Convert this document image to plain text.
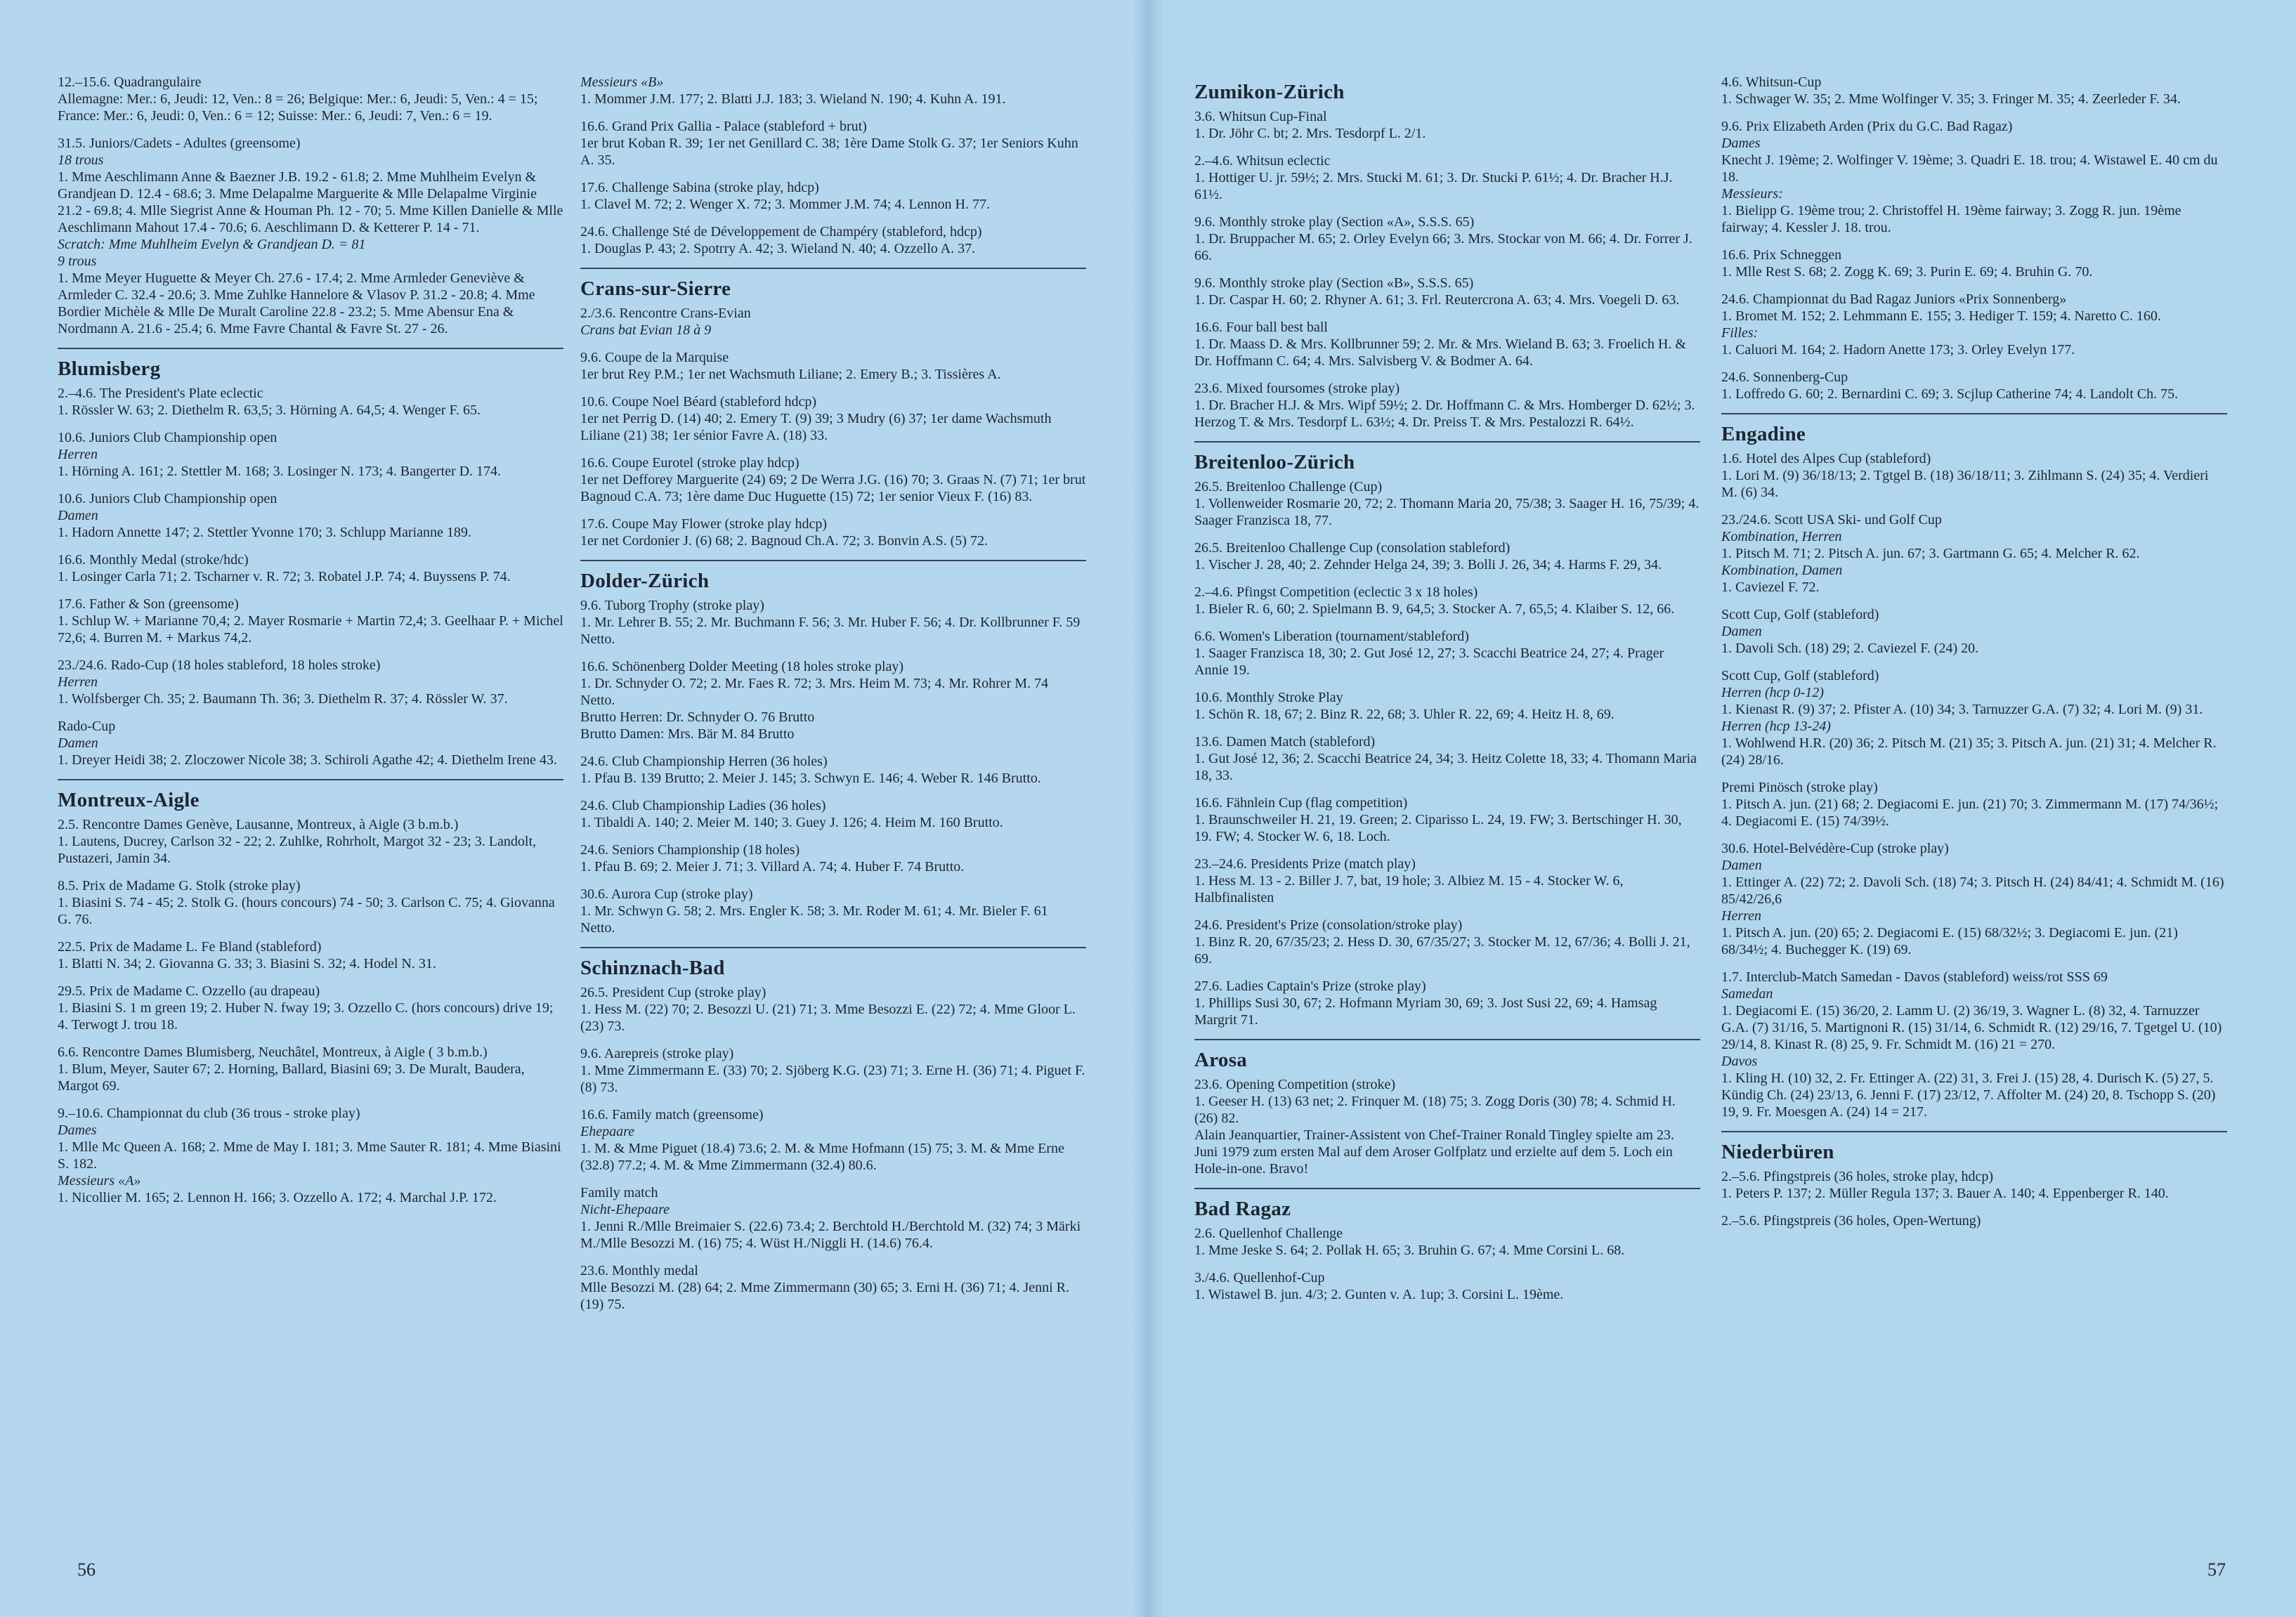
12.–15.6. Quadrangulaire
Allemagne: Mer.: 6, Jeudi: 12, Ven.: 8 = 26; Belgique: Mer.: 6, Jeudi: 5, Ven.: 4 = 15; France: Mer.: 6, Jeudi: 0, Ven.: 6 = 12; Suisse: Mer.: 6, Jeudi: 7, Ven.: 6 = 19.
31.5. Juniors/Cadets - Adultes (greensome)
18 trous
1. Mme Aeschlimann Anne & Baezner J.B. 19.2 - 61.8; 2. Mme Muhlheim Evelyn & Grandjean D. 12.4 - 68.6; 3. Mme Delapalme Marguerite & Mlle Delapalme Virginie 21.2 - 69.8; 4. Mlle Siegrist Anne & Houman Ph. 12 - 70; 5. Mme Killen Danielle & Mlle Aeschlimann Mahout 17.4 - 70.6; 6. Aeschlimann D. & Ketterer P. 14 - 71.
Scratch: Mme Muhlheim Evelyn & Grandjean D. = 81
9 trous
1. Mme Meyer Huguette & Meyer Ch. 27.6 - 17.4; 2. Mme Armleder Geneviève & Armleder C. 32.4 - 20.6; 3. Mme Zuhlke Hannelore & Vlasov P. 31.2 - 20.8; 4. Mme Bordier Michèle & Mlle De Muralt Caroline 22.8 - 23.2; 5. Mme Abensur Ena & Nordmann A. 21.6 - 25.4; 6. Mme Favre Chantal & Favre St. 27 - 26.
Blumisberg
2.–4.6. The President's Plate eclectic
1. Rössler W. 63; 2. Diethelm R. 63,5; 3. Hörning A. 64,5; 4. Wenger F. 65.
10.6. Juniors Club Championship open
Herren
1. Hörning A. 161; 2. Stettler M. 168; 3. Losinger N. 173; 4. Bangerter D. 174.
10.6. Juniors Club Championship open
Damen
1. Hadorn Annette 147; 2. Stettler Yvonne 170; 3. Schlupp Marianne 189.
16.6. Monthly Medal (stroke/hdc)
1. Losinger Carla 71; 2. Tscharner v. R. 72; 3. Robatel J.P. 74; 4. Buyssens P. 74.
17.6. Father & Son (greensome)
1. Schlup W. + Marianne 70,4; 2. Mayer Rosmarie + Martin 72,4; 3. Geelhaar P. + Michel 72,6; 4. Burren M. + Markus 74,2.
23./24.6. Rado-Cup (18 holes stableford, 18 holes stroke)
Herren
1. Wolfsberger Ch. 35; 2. Baumann Th. 36; 3. Diethelm R. 37; 4. Rössler W. 37.
Rado-Cup
Damen
1. Dreyer Heidi 38; 2. Zloczower Nicole 38; 3. Schiroli Agathe 42; 4. Diethelm Irene 43.
Montreux-Aigle
2.5. Rencontre Dames Genève, Lausanne, Montreux, à Aigle (3 b.m.b.)
1. Lautens, Ducrey, Carlson 32 - 22; 2. Zuhlke, Rohrholt, Margot 32 - 23; 3. Landolt, Pustazeri, Jamin 34.
8.5. Prix de Madame G. Stolk (stroke play)
1. Biasini S. 74 - 45; 2. Stolk G. (hours concours) 74 - 50; 3. Carlson C. 75; 4. Giovanna G. 76.
22.5. Prix de Madame L. Fe Bland (stableford)
1. Blatti N. 34; 2. Giovanna G. 33; 3. Biasini S. 32; 4. Hodel N. 31.
29.5. Prix de Madame C. Ozzello (au drapeau)
1. Biasini S. 1 m green 19; 2. Huber N. fway 19; 3. Ozzello C. (hors concours) drive 19; 4. Terwogt J. trou 18.
6.6. Rencontre Dames Blumisberg, Neuchâtel, Montreux, à Aigle ( 3 b.m.b.)
1. Blum, Meyer, Sauter 67; 2. Horning, Ballard, Biasini 69; 3. De Muralt, Baudera, Margot 69.
9.–10.6. Championnat du club (36 trous - stroke play)
Dames
1. Mlle Mc Queen A. 168; 2. Mme de May I. 181; 3. Mme Sauter R. 181; 4. Mme Biasini S. 182.
Messieurs «A»
1. Nicollier M. 165; 2. Lennon H. 166; 3. Ozzello A. 172; 4. Marchal J.P. 172.
Messieurs «B»
1. Mommer J.M. 177; 2. Blatti J.J. 183; 3. Wieland N. 190; 4. Kuhn A. 191.
16.6. Grand Prix Gallia - Palace (stableford + brut)
1er brut Koban R. 39; 1er net Genillard C. 38; 1ère Dame Stolk G. 37; 1er Seniors Kuhn A. 35.
17.6. Challenge Sabina (stroke play, hdcp)
1. Clavel M. 72; 2. Wenger X. 72; 3. Mommer J.M. 74; 4. Lennon H. 77.
24.6. Challenge Sté de Développement de Champéry (stableford, hdcp)
1. Douglas P. 43; 2. Spotrry A. 42; 3. Wieland N. 40; 4. Ozzello A. 37.
Crans-sur-Sierre
2./3.6. Rencontre Crans-Evian
Crans bat Evian 18 à 9
9.6. Coupe de la Marquise
1er brut Rey P.M.; 1er net Wachsmuth Liliane; 2. Emery B.; 3. Tissières A.
10.6. Coupe Noel Béard (stableford hdcp)
1er net Perrig D. (14) 40; 2. Emery T. (9) 39; 3 Mudry (6) 37; 1er dame Wachsmuth Liliane (21) 38; 1er sénior Favre A. (18) 33.
16.6. Coupe Eurotel (stroke play hdcp)
1er net Defforey Marguerite (24) 69; 2 De Werra J.G. (16) 70; 3. Graas N. (7) 71; 1er brut Bagnoud C.A. 73; 1ère dame Duc Huguette (15) 72; 1er senior Vieux F. (16) 83.
17.6. Coupe May Flower (stroke play hdcp)
1er net Cordonier J. (6) 68; 2. Bagnoud Ch.A. 72; 3. Bonvin A.S. (5) 72.
Dolder-Zürich
9.6. Tuborg Trophy (stroke play)
1. Mr. Lehrer B. 55; 2. Mr. Buchmann F. 56; 3. Mr. Huber F. 56; 4. Dr. Kollbrunner F. 59 Netto.
16.6. Schönenberg Dolder Meeting (18 holes stroke play)
1. Dr. Schnyder O. 72; 2. Mr. Faes R. 72; 3. Mrs. Heim M. 73; 4. Mr. Rohrer M. 74 Netto.
Brutto Herren: Dr. Schnyder O. 76 Brutto
Brutto Damen: Mrs. Bär M. 84 Brutto
24.6. Club Championship Herren (36 holes)
1. Pfau B. 139 Brutto; 2. Meier J. 145; 3. Schwyn E. 146; 4. Weber R. 146 Brutto.
24.6. Club Championship Ladies (36 holes)
1. Tibaldi A. 140; 2. Meier M. 140; 3. Guey J. 126; 4. Heim M. 160 Brutto.
24.6. Seniors Championship (18 holes)
1. Pfau B. 69; 2. Meier J. 71; 3. Villard A. 74; 4. Huber F. 74 Brutto.
30.6. Aurora Cup (stroke play)
1. Mr. Schwyn G. 58; 2. Mrs. Engler K. 58; 3. Mr. Roder M. 61; 4. Mr. Bieler F. 61 Netto.
Schinznach-Bad
26.5. President Cup (stroke play)
1. Hess M. (22) 70; 2. Besozzi U. (21) 71; 3. Mme Besozzi E. (22) 72; 4. Mme Gloor L. (23) 73.
9.6. Aarepreis (stroke play)
1. Mme Zimmermann E. (33) 70; 2. Sjöberg K.G. (23) 71; 3. Erne H. (36) 71; 4. Piguet F. (8) 73.
16.6. Family match (greensome)
Ehepaare
1. M. & Mme Piguet (18.4) 73.6; 2. M. & Mme Hofmann (15) 75; 3. M. & Mme Erne (32.8) 77.2; 4. M. & Mme Zimmermann (32.4) 80.6.
Family match
Nicht-Ehepaare
1. Jenni R./Mlle Breimaier S. (22.6) 73.4; 2. Berchtold H./Berchtold M. (32) 74; 3 Märki M./Mlle Besozzi M. (16) 75; 4. Wüst H./Niggli H. (14.6) 76.4.
23.6. Monthly medal
Mlle Besozzi M. (28) 64; 2. Mme Zimmermann (30) 65; 3. Erni H. (36) 71; 4. Jenni R. (19) 75.
Zumikon-Zürich
3.6. Whitsun Cup-Final
1. Dr. Jöhr C. bt; 2. Mrs. Tesdorpf L. 2/1.
2.–4.6. Whitsun eclectic
1. Hottiger U. jr. 59½; 2. Mrs. Stucki M. 61; 3. Dr. Stucki P. 61½; 4. Dr. Bracher H.J. 61½.
9.6. Monthly stroke play (Section «A», S.S.S. 65)
1. Dr. Bruppacher M. 65; 2. Orley Evelyn 66; 3. Mrs. Stockar von M. 66; 4. Dr. Forrer J. 66.
9.6. Monthly stroke play (Section «B», S.S.S. 65)
1. Dr. Caspar H. 60; 2. Rhyner A. 61; 3. Frl. Reutercrona A. 63; 4. Mrs. Voegeli D. 63.
16.6. Four ball best ball
1. Dr. Maass D. & Mrs. Kollbrunner 59; 2. Mr. & Mrs. Wieland B. 63; 3. Froelich H. & Dr. Hoffmann C. 64; 4. Mrs. Salvisberg V. & Bodmer A. 64.
23.6. Mixed foursomes (stroke play)
1. Dr. Bracher H.J. & Mrs. Wipf 59½; 2. Dr. Hoffmann C. & Mrs. Homberger D. 62½; 3. Herzog T. & Mrs. Tesdorpf L. 63½; 4. Dr. Preiss T. & Mrs. Pestalozzi R. 64½.
Breitenloo-Zürich
26.5. Breitenloo Challenge (Cup)
1. Vollenweider Rosmarie 20, 72; 2. Thomann Maria 20, 75/38; 3. Saager H. 16, 75/39; 4. Saager Franzisca 18, 77.
26.5. Breitenloo Challenge Cup (consolation stableford)
1. Vischer J. 28, 40; 2. Zehnder Helga 24, 39; 3. Bolli J. 26, 34; 4. Harms F. 29, 34.
2.–4.6. Pfingst Competition (eclectic 3 x 18 holes)
1. Bieler R. 6, 60; 2. Spielmann B. 9, 64,5; 3. Stocker A. 7, 65,5; 4. Klaiber S. 12, 66.
6.6. Women's Liberation (tournament/stableford)
1. Saager Franzisca 18, 30; 2. Gut José 12, 27; 3. Scacchi Beatrice 24, 27; 4. Prager Annie 19.
10.6. Monthly Stroke Play
1. Schön R. 18, 67; 2. Binz R. 22, 68; 3. Uhler R. 22, 69; 4. Heitz H. 8, 69.
13.6. Damen Match (stableford)
1. Gut José 12, 36; 2. Scacchi Beatrice 24, 34; 3. Heitz Colette 18, 33; 4. Thomann Maria 18, 33.
16.6. Fähnlein Cup (flag competition)
1. Braunschweiler H. 21, 19. Green; 2. Ciparisso L. 24, 19. FW; 3. Bertschinger H. 30, 19. FW; 4. Stocker W. 6, 18. Loch.
23.–24.6. Presidents Prize (match play)
1. Hess M. 13 - 2. Biller J. 7, bat, 19 hole; 3. Albiez M. 15 - 4. Stocker W. 6, Halbfinalisten
24.6. President's Prize (consolation/stroke play)
1. Binz R. 20, 67/35/23; 2. Hess D. 30, 67/35/27; 3. Stocker M. 12, 67/36; 4. Bolli J. 21, 69.
27.6. Ladies Captain's Prize (stroke play)
1. Phillips Susi 30, 67; 2. Hofmann Myriam 30, 69; 3. Jost Susi 22, 69; 4. Hamsag Margrit 71.
Arosa
23.6. Opening Competition (stroke)
1. Geeser H. (13) 63 net; 2. Frinquer M. (18) 75; 3. Zogg Doris (30) 78; 4. Schmid H. (26) 82.
Alain Jeanquartier, Trainer-Assistent von Chef-Trainer Ronald Tingley spielte am 23. Juni 1979 zum ersten Mal auf dem Aroser Golfplatz und erzielte auf dem 5. Loch ein Hole-in-one. Bravo!
Bad Ragaz
2.6. Quellenhof Challenge
1. Mme Jeske S. 64; 2. Pollak H. 65; 3. Bruhin G. 67; 4. Mme Corsini L. 68.
3./4.6. Quellenhof-Cup
1. Wistawel B. jun. 4/3; 2. Gunten v. A. 1up; 3. Corsini L. 19ème.
4.6. Whitsun-Cup
1. Schwager W. 35; 2. Mme Wolfinger V. 35; 3. Fringer M. 35; 4. Zeerleder F. 34.
9.6. Prix Elizabeth Arden (Prix du G.C. Bad Ragaz)
Dames
Knecht J. 19ème; 2. Wolfinger V. 19ème; 3. Quadri E. 18. trou; 4. Wistawel E. 40 cm du 18.
Messieurs:
1. Bielipp G. 19ème trou; 2. Christoffel H. 19ème fairway; 3. Zogg R. jun. 19ème fairway; 4. Kessler J. 18. trou.
16.6. Prix Schneggen
1. Mlle Rest S. 68; 2. Zogg K. 69; 3. Purin E. 69; 4. Bruhin G. 70.
24.6. Championnat du Bad Ragaz Juniors «Prix Sonnenberg»
1. Bromet M. 152; 2. Lehmmann E. 155; 3. Hediger T. 159; 4. Naretto C. 160.
Filles:
1. Caluori M. 164; 2. Hadorn Anette 173; 3. Orley Evelyn 177.
24.6. Sonnenberg-Cup
1. Loffredo G. 60; 2. Bernardini C. 69; 3. Scjlup Catherine 74; 4. Landolt Ch. 75.
Engadine
1.6. Hotel des Alpes Cup (stableford)
1. Lori M. (9) 36/18/13; 2. Tgtgel B. (18) 36/18/11; 3. Zihlmann S. (24) 35; 4. Verdieri M. (6) 34.
23./24.6. Scott USA Ski- und Golf Cup
Kombination, Herren
1. Pitsch M. 71; 2. Pitsch A. jun. 67; 3. Gartmann G. 65; 4. Melcher R. 62.
Kombination, Damen
1. Caviezel F. 72.
Scott Cup, Golf (stableford)
Damen
1. Davoli Sch. (18) 29; 2. Caviezel F. (24) 20.
Scott Cup, Golf (stableford)
Herren (hcp 0-12)
1. Kienast R. (9) 37; 2. Pfister A. (10) 34; 3. Tarnuzzer G.A. (7) 32; 4. Lori M. (9) 31.
Herren (hcp 13-24)
1. Wohlwend H.R. (20) 36; 2. Pitsch M. (21) 35; 3. Pitsch A. jun. (21) 31; 4. Melcher R. (24) 28/16.
Premi Pinösch (stroke play)
1. Pitsch A. jun. (21) 68; 2. Degiacomi E. jun. (21) 70; 3. Zimmermann M. (17) 74/36½; 4. Degiacomi E. (15) 74/39½.
30.6. Hotel-Belvédère-Cup (stroke play)
Damen
1. Ettinger A. (22) 72; 2. Davoli Sch. (18) 74; 3. Pitsch H. (24) 84/41; 4. Schmidt M. (16) 85/42/26,6
Herren
1. Pitsch A. jun. (20) 65; 2. Degiacomi E. (15) 68/32½; 3. Degiacomi E. jun. (21) 68/34½; 4. Buchegger K. (19) 69.
1.7. Interclub-Match Samedan - Davos (stableford) weiss/rot SSS 69
Samedan
1. Degiacomi E. (15) 36/20, 2. Lamm U. (2) 36/19, 3. Wagner L. (8) 32, 4. Tarnuzzer G.A. (7) 31/16, 5. Martignoni R. (15) 31/14, 6. Schmidt R. (12) 29/16, 7. Tgetgel U. (10) 29/14, 8. Kinast R. (8) 25, 9. Fr. Schmidt M. (16) 21 = 270.
Davos
1. Kling H. (10) 32, 2. Fr. Ettinger A. (22) 31, 3. Frei J. (15) 28, 4. Durisch K. (5) 27, 5. Kündig Ch. (24) 23/13, 6. Jenni F. (17) 23/12, 7. Affolter M. (24) 20, 8. Tschopp S. (20) 19, 9. Fr. Moesgen A. (24) 14 = 217.
Niederbüren
2.–5.6. Pfingstpreis (36 holes, stroke play, hdcp)
1. Peters P. 137; 2. Müller Regula 137; 3. Bauer A. 140; 4. Eppenberger R. 140.
2.–5.6. Pfingstpreis (36 holes, Open-Wertung)
56	57
